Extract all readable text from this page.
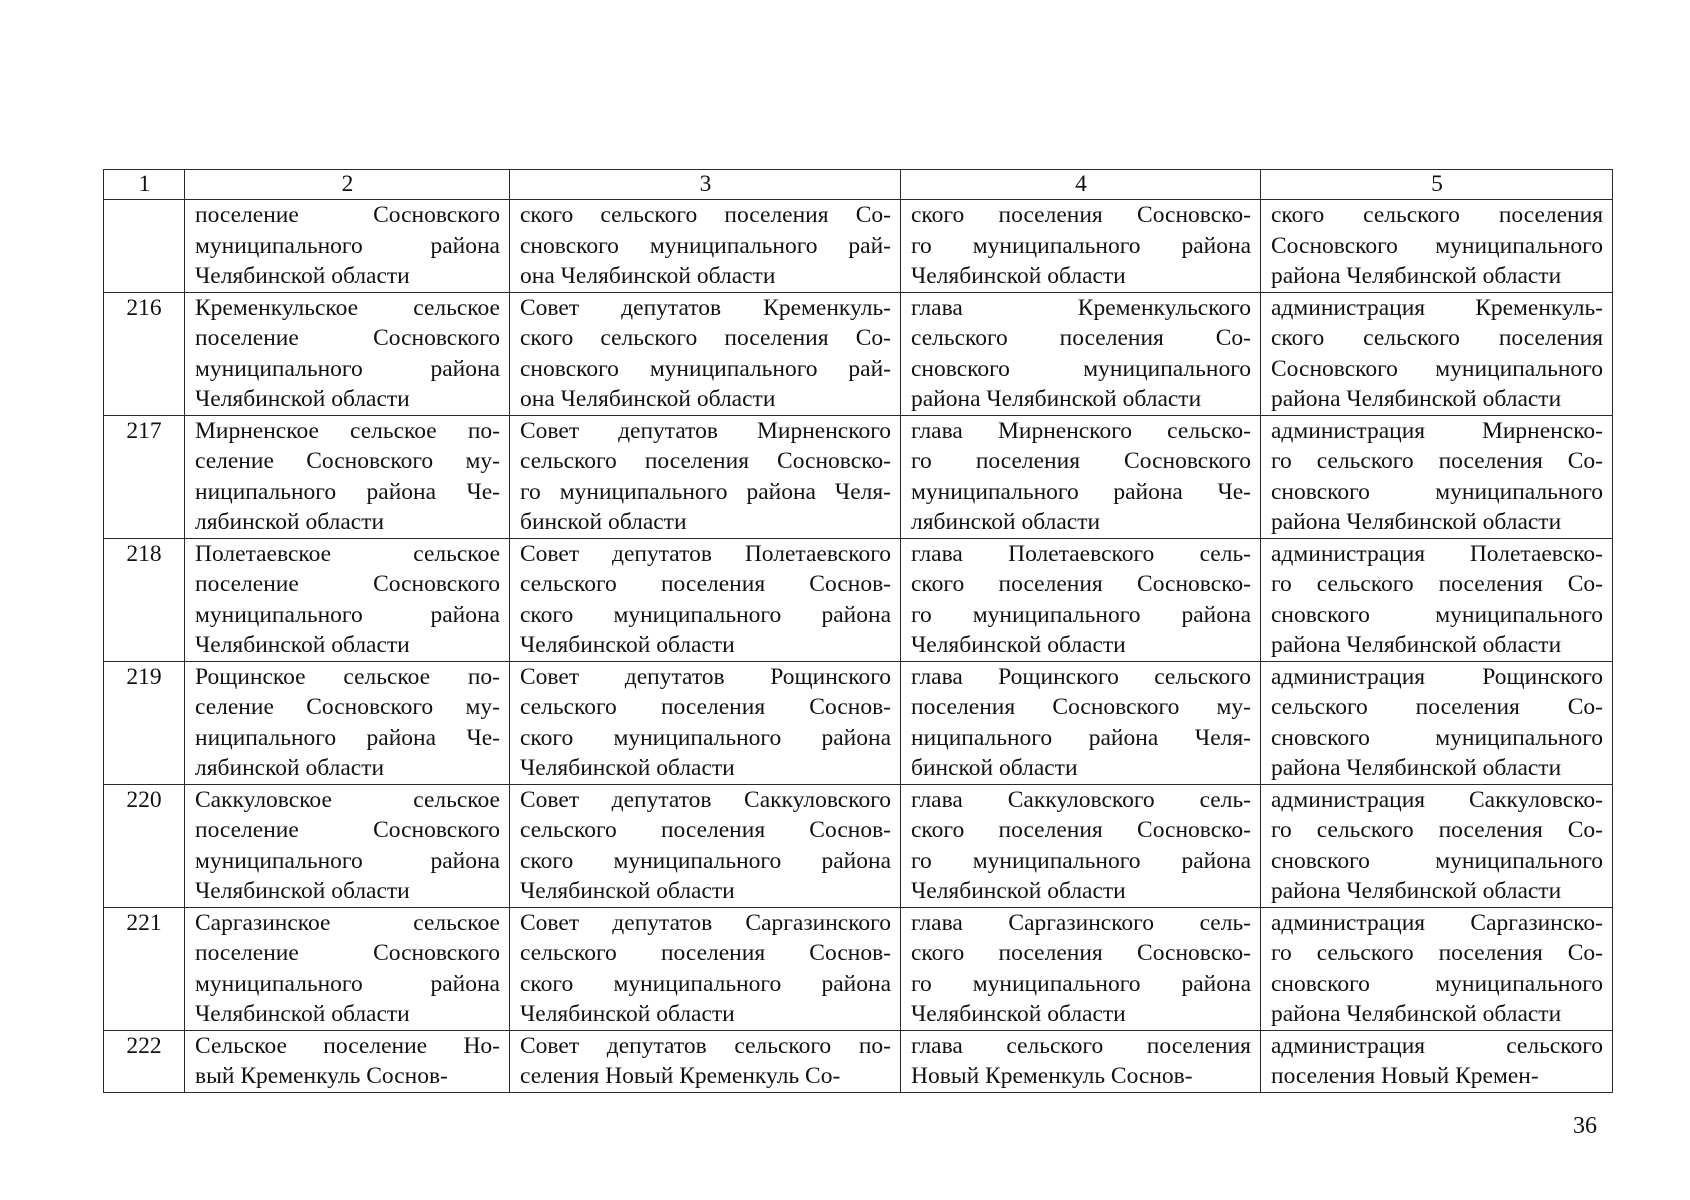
1	2	3	4	5

	поселение Сосновского
муниципального района
Челябинской области	ского сельского поселения Со-
сновского муниципального рай-
она Челябинской области	ского поселения Сосновско-
го муниципального района
Челябинской области	ского сельского поселения
Сосновского муниципального
района Челябинской области

216	Кременкульское сельское
поселение Сосновского
муниципального района
Челябинской области	Совет депутатов Кременкуль-
ского сельского поселения Со-
сновского муниципального рай-
она Челябинской области	глава Кременкульского
сельского поселения Со-
сновского муниципального
района Челябинской области	администрация Кременкуль-
ского сельского поселения
Сосновского муниципального
района Челябинской области

217	Мирненское сельское по-
селение Сосновского му-
ниципального района Че-
лябинской области	Совет депутатов Мирненского
сельского поселения Сосновско-
го муниципального района Челя-
бинской области	глава Мирненского сельско-
го поселения Сосновского
муниципального района Че-
лябинской области	администрация Мирненско-
го сельского поселения Со-
сновского муниципального
района Челябинской области

218	Полетаевское сельское
поселение Сосновского
муниципального района
Челябинской области	Совет депутатов Полетаевского
сельского поселения Соснов-
ского муниципального района
Челябинской области	глава Полетаевского сель-
ского поселения Сосновско-
го муниципального района
Челябинской области	администрация Полетаевско-
го сельского поселения Со-
сновского муниципального
района Челябинской области

219	Рощинское сельское по-
селение Сосновского му-
ниципального района Че-
лябинской области	Совет депутатов Рощинского
сельского поселения Соснов-
ского муниципального района
Челябинской области	глава Рощинского сельского
поселения Сосновского му-
ниципального района Челя-
бинской области	администрация Рощинского
сельского поселения Со-
сновского муниципального
района Челябинской области

220	Саккуловское сельское
поселение Сосновского
муниципального района
Челябинской области	Совет депутатов Саккуловского
сельского поселения Соснов-
ского муниципального района
Челябинской области	глава Саккуловского сель-
ского поселения Сосновско-
го муниципального района
Челябинской области	администрация Саккуловско-
го сельского поселения Со-
сновского муниципального
района Челябинской области

221	Саргазинское сельское
поселение Сосновского
муниципального района
Челябинской области	Совет депутатов Саргазинского
сельского поселения Соснов-
ского муниципального района
Челябинской области	глава Саргазинского сель-
ского поселения Сосновско-
го муниципального района
Челябинской области	администрация Саргазинско-
го сельского поселения Со-
сновского муниципального
района Челябинской области

222	Сельское поселение Но-
вый Кременкуль Соснов-	Совет депутатов сельского по-
селения Новый Кременкуль Со-	глава сельского поселения
Новый Кременкуль Соснов-	администрация сельского
поселения Новый Кремен-
36
